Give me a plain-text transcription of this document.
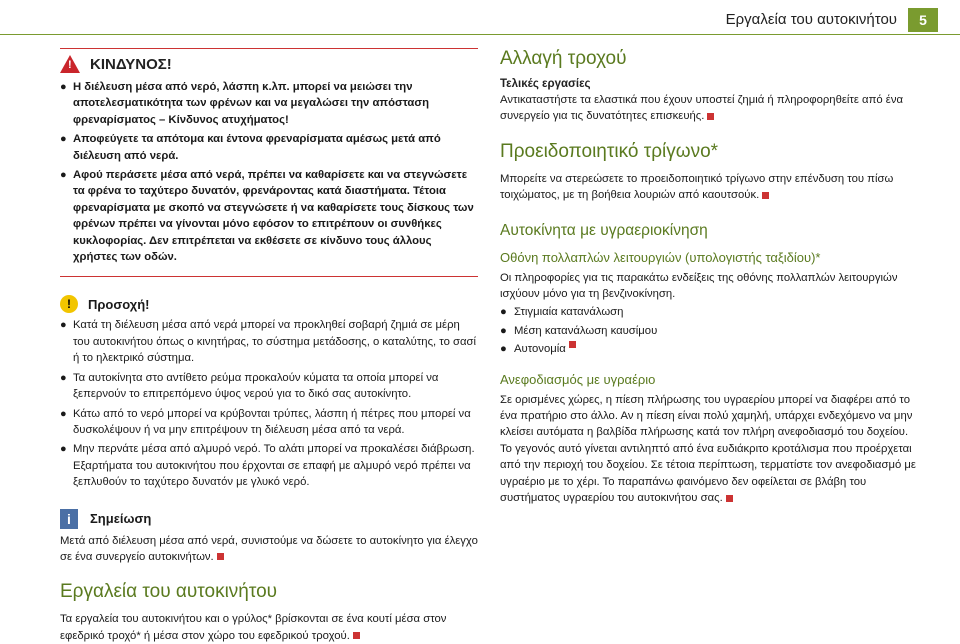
Εργαλεία του αυτοκινήτου	5
! ΚΙΝΔΥΝΟΣ!
● Η διέλευση μέσα από νερό, λάσπη κ.λπ. μπορεί να μειώσει την αποτελεσματικότητα των φρένων και να μεγαλώσει την απόσταση φρεναρίσματος – Κίνδυνος ατυχήματος!
● Αποφεύγετε τα απότομα και έντονα φρεναρίσματα αμέσως μετά από διέλευση από νερά.
● Αφού περάσετε μέσα από νερά, πρέπει να καθαρίσετε και να στεγνώσετε τα φρένα το ταχύτερο δυνατόν, φρενάροντας κατά διαστήματα. Τέτοια φρεναρίσματα με σκοπό να στεγνώσετε ή να καθαρίσετε τους δίσκους των φρένων πρέπει να γίνονται μόνο εφόσον το επιτρέπουν οι συνθήκες κυκλοφορίας. Δεν επιτρέπεται να εκθέσετε σε κίνδυνο τους άλλους χρήστες των οδών.
!	Προσοχή!
● Κατά τη διέλευση μέσα από νερά μπορεί να προκληθεί σοβαρή ζημιά σε μέρη του αυτοκινήτου όπως ο κινητήρας, το σύστημα μετάδοσης, ο καταλύτης, το σασί ή το ηλεκτρικό σύστημα.
● Τα αυτοκίνητα στο αντίθετο ρεύμα προκαλούν κύματα τα οποία μπορεί να ξεπερνούν το επιτρεπόμενο ύψος νερού για το δικό σας αυτοκίνητο.
● Κάτω από το νερό μπορεί να κρύβονται τρύπες, λάσπη ή πέτρες που μπορεί να δυσκολέψουν ή να μην επιτρέψουν τη διέλευση μέσα από τα νερά.
● Μην περνάτε μέσα από αλμυρό νερό. Το αλάτι μπορεί να προκαλέσει διάβρωση. Εξαρτήματα του αυτοκινήτου που έρχονται σε επαφή με αλμυρό νερό πρέπει να ξεπλυθούν το ταχύτερο δυνατόν με γλυκό νερό.
i	Σημείωση
Μετά από διέλευση μέσα από νερά, συνιστούμε να δώσετε το αυτοκίνητο για έλεγχο σε ένα συνεργείο αυτοκινήτων.
Εργαλεία του αυτοκινήτου
Τα εργαλεία του αυτοκινήτου και ο γρύλος* βρίσκονται σε ένα κουτί μέσα στον εφεδρικό τροχό* ή μέσα στον χώρο του εφεδρικού τροχού.
Αλλαγή τροχού
Τελικές εργασίες
Αντικαταστήστε τα ελαστικά που έχουν υποστεί ζημιά ή πληροφορηθείτε από ένα συνεργείο για τις δυνατότητες επισκευής.
Προειδοποιητικό τρίγωνο*
Μπορείτε να στερεώσετε το προειδοποιητικό τρίγωνο στην επένδυση του πίσω τοιχώματος, με τη βοήθεια λουριών από καουτσούκ.
Αυτοκίνητα με υγραεριοκίνηση
Οθόνη πολλαπλών λειτουργιών (υπολογιστής ταξιδίου)*
Οι πληροφορίες για τις παρακάτω ενδείξεις της οθόνης πολλαπλών λειτουργιών ισχύουν μόνο για τη βενζινοκίνηση.
● Στιγμιαία κατανάλωση
● Μέση κατανάλωση καυσίμου
● Αυτονομία
Ανεφοδιασμός με υγραέριο
Σε ορισμένες χώρες, η πίεση πλήρωσης του υγραερίου μπορεί να διαφέρει από το ένα πρατήριο στο άλλο. Αν η πίεση είναι πολύ χαμηλή, υπάρχει ενδεχόμενο να μην κλείσει αυτόματα η βαλβίδα πλήρωσης κατά τον πλήρη ανεφοδιασμό του δοχείου. Το γεγονός αυτό γίνεται αντιληπτό από ένα ευδιάκριτο κροτάλισμα που προέρχεται από την περιοχή του δοχείου. Σε τέτοια περίπτωση, τερματίστε τον ανεφοδιασμό με υγραέριο με το χέρι. Το παραπάνω φαινόμενο δεν οφείλεται σε βλάβη του συστήματος υγραερίου του αυτοκινήτου σας.
